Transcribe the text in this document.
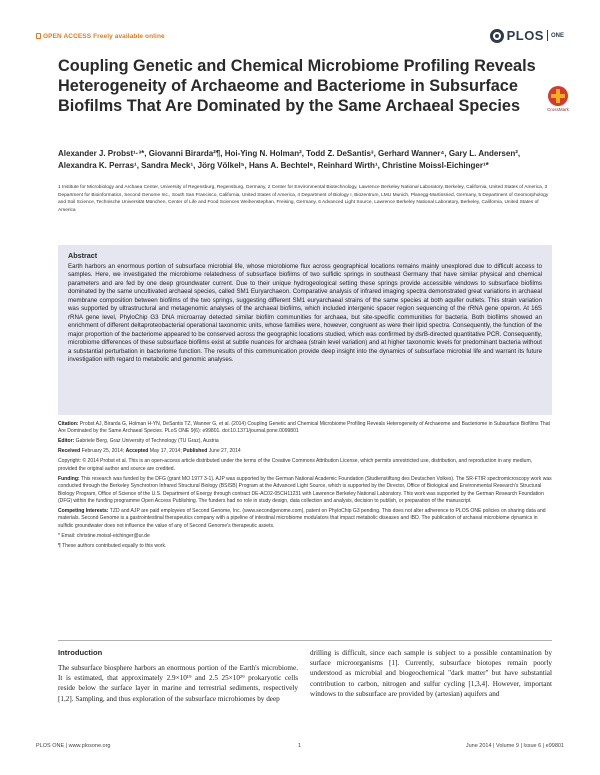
OPEN ACCESS Freely available online	PLOS ONE
Coupling Genetic and Chemical Microbiome Profiling Reveals Heterogeneity of Archaeome and Bacteriome in Subsurface Biofilms That Are Dominated by the Same Archaeal Species	CrossMark
Alexander J. Probst¹·³*, Giovanni Birarda²¶, Hoi-Ying N. Holman², Todd Z. DeSantis³, Gerhard Wanner⁴, Gary L. Andersen², Alexandra K. Perras¹, Sandra Meck¹, Jörg Völkel⁵, Hans A. Bechtel⁶, Reinhard Wirth¹, Christine Moissl-Eichinger¹*
1 Institute for Microbiology and Archaea Center, University of Regensburg, Regensburg, Germany, 2 Center for Environmental Biotechnology, Lawrence Berkeley National Laboratory, Berkeley, California, United States of America, 3 Department for Bioinformatics, Second Genome Inc., South San Francisco, California, United States of America, 4 Department of Biology I, Biozentrum, LMU Munich, Planegg-Martinsried, Germany, 5 Department of Geomorphology and Soil Science, Technische Universität München, Center of Life and Food Sciences Weihenstephan, Freising, Germany, 6 Advanced Light Source, Lawrence Berkeley National Laboratory, Berkeley, California, United States of America
Abstract
Earth harbors an enormous portion of subsurface microbial life, whose microbiome flux across geographical locations remains mainly unexplored due to difficult access to samples. Here, we investigated the microbiome relatedness of subsurface biofilms of two sulfidic springs in southeast Germany that have similar physical and chemical parameters and are fed by one deep groundwater current. Due to their unique hydrogeological setting these springs provide accessible windows to subsurface biofilms dominated by the same uncultivated archaeal species, called SM1 Euryarchaeon. Comparative analysis of infrared imaging spectra demonstrated great variations in archaeal membrane composition between biofilms of the two springs, suggesting different SM1 euryarchaeal strains of the same species at both aquifer outlets. This strain variation was supported by ultrastructural and metagenomic analyses of the archaeal biofilms, which included intergenic spacer region sequencing of the rRNA gene operon. At 16S rRNA gene level, PhyloChip G3 DNA microarray detected similar biofilm communities for archaea, but site-specific communities for bacteria. Both biofilms showed an enrichment of different deltaproteobacterial operational taxonomic units, whose families were, however, congruent as were their lipid spectra. Consequently, the function of the major proportion of the bacteriome appeared to be conserved across the geographic locations studied, which was confirmed by dsrB-directed quantitative PCR. Consequently, microbiome differences of these subsurface biofilms exist at subtle nuances for archaea (strain level variation) and at higher taxonomic levels for predominant bacteria without a substantial perturbation in bacteriome function. The results of this communication provide deep insight into the dynamics of subsurface microbial life and warrant its future investigation with regard to metabolic and genomic analyses.

Citation: Probst AJ, Birarda G, Holman H-YN, DeSantis TZ, Wanner G, et al. (2014) Coupling Genetic and Chemical Microbiome Profiling Reveals Heterogeneity of Archaeome and Bacteriome in Subsurface Biofilms That Are Dominated by the Same Archaeal Species. PLoS ONE 9(6): e99801. doi:10.1371/journal.pone.0099801

Editor: Gabriele Berg, Graz University of Technology (TU Graz), Austria

Received February 25, 2014; Accepted May 17, 2014; Published June 27, 2014

Copyright: © 2014 Probst et al. This is an open-access article distributed under the terms of the Creative Commons Attribution License, which permits unrestricted use, distribution, and reproduction in any medium, provided the original author and source are credited.

Funding: This research was funded by the DFG (grant MO 1977 3-1). AJP was supported by the German National Academic Foundation (Studienstiftung des Deutschen Volkes). The SR-FTIR spectromicroscopy work was conducted through the Berkeley Synchrotron Infrared Structural Biology (BSISB) Program at the Advanced Light Source, which is supported by the Director, Office of Biological and Environmental Research's Structural Biology Program, Office of Science of the U.S. Department of Energy through contract DE-AC02-05CH11231 with Lawrence Berkeley National Laboratory. This work was supported by the German Research Foundation (DFG) within the funding programme Open Access Publishing. The funders had no role in study design, data collection and analysis, decision to publish, or preparation of the manuscript.

Competing Interests: TZD and AJP are paid employees of Second Genome, Inc. (www.secondgenome.com), patent on PhyloChip G3 pending. This does not alter adherence to PLOS ONE policies on sharing data and materials. Second Genome is a gastrointestinal therapeutics company with a pipeline of intestinal microbiome modulators that impact metabolic diseases and IBD. The publication of archaeal microbiome dynamics in sulfidic groundwater does not influence the value of any of Second Genome's therapeutic assets.

* Email: christine.moissl-eichinger@ur.de

¶ These authors contributed equally to this work.

Introduction
The subsurface biosphere harbors an enormous portion of the Earth's microbiome. It is estimated, that approximately 2.9×10¹⁹ and 2.5 25×10²⁹ prokaryotic cells reside below the surface layer in marine and terrestrial sediments, respectively [1,2]. Sampling, and thus exploration of the subsurface microbiomes by deep
drilling is difficult, since each sample is subject to a possible contamination by surface microorganisms [1]. Currently, subsurface biotopes remain poorly understood as microbial and biogeochemical "dark matter" but have substantial contribution to carbon, nitrogen and sulfur cycling [1,3,4]. However, important windows to the subsurface are provided by (artesian) aquifers and
PLOS ONE | www.plosone.org	1	June 2014 | Volume 9 | Issue 6 | e99801
